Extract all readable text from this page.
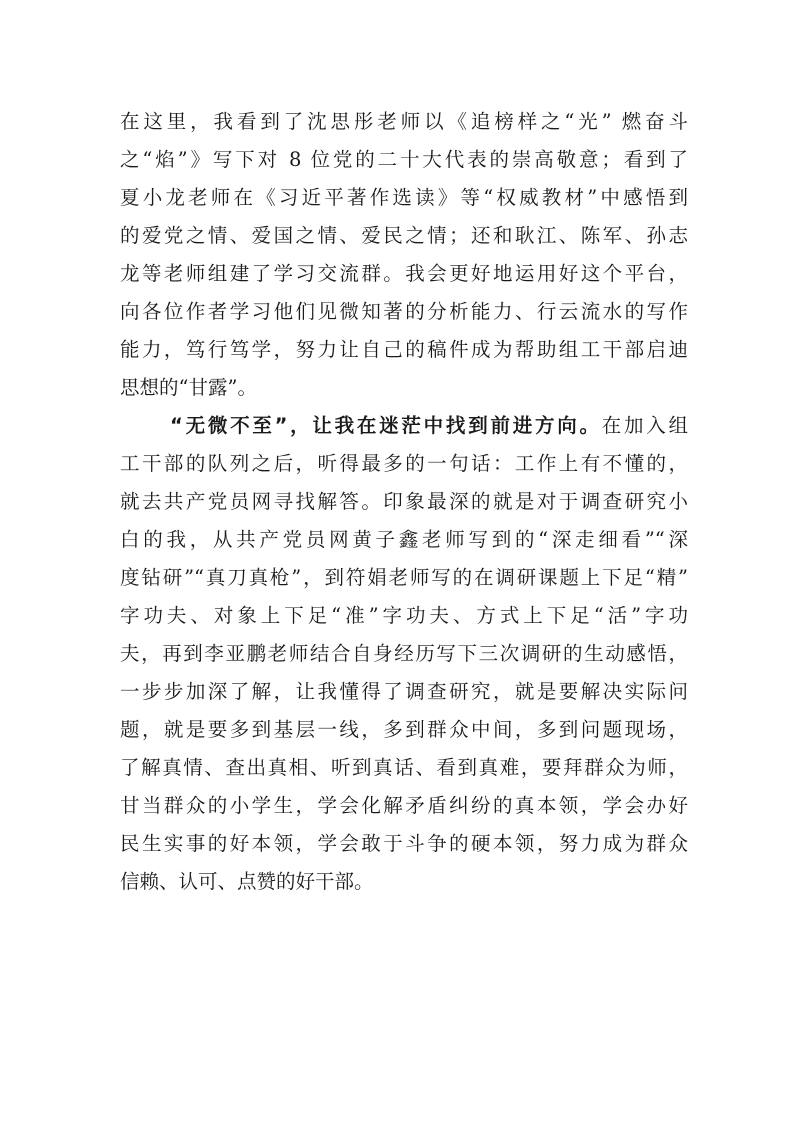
在这里，我看到了沈思彤老师以《追榜样之“光” 燃奋斗
之“焰”》写下对 8 位党的二十大代表的崇高敬意；看到了
夏小龙老师在《习近平著作选读》等“权威教材”中感悟到
的爱党之情、爱国之情、爱民之情；还和耿江、陈军、孙志
龙等老师组建了学习交流群。我会更好地运用好这个平台，
向各位作者学习他们见微知著的分析能力、行云流水的写作
能力，笃行笃学，努力让自己的稿件成为帮助组工干部启迪
思想的“甘露”。
“无微不至”，让我在迷茫中找到前进方向。在加入组
工干部的队列之后，听得最多的一句话：工作上有不懂的，
就去共产党员网寻找解答。印象最深的就是对于调查研究小
白的我，从共产党员网黄子鑫老师写到的“深走细看”“深
度钻研”“真刀真枪”，到符娟老师写的在调研课题上下足“精”
字功夫、对象上下足“准”字功夫、方式上下足“活”字功
夫，再到李亚鹏老师结合自身经历写下三次调研的生动感悟，
一步步加深了解，让我懂得了调查研究，就是要解决实际问
题，就是要多到基层一线，多到群众中间，多到问题现场，
了解真情、查出真相、听到真话、看到真难，要拜群众为师，
甘当群众的小学生，学会化解矛盾纠纷的真本领，学会办好
民生实事的好本领，学会敢于斗争的硬本领，努力成为群众
信赖、认可、点赞的好干部。
